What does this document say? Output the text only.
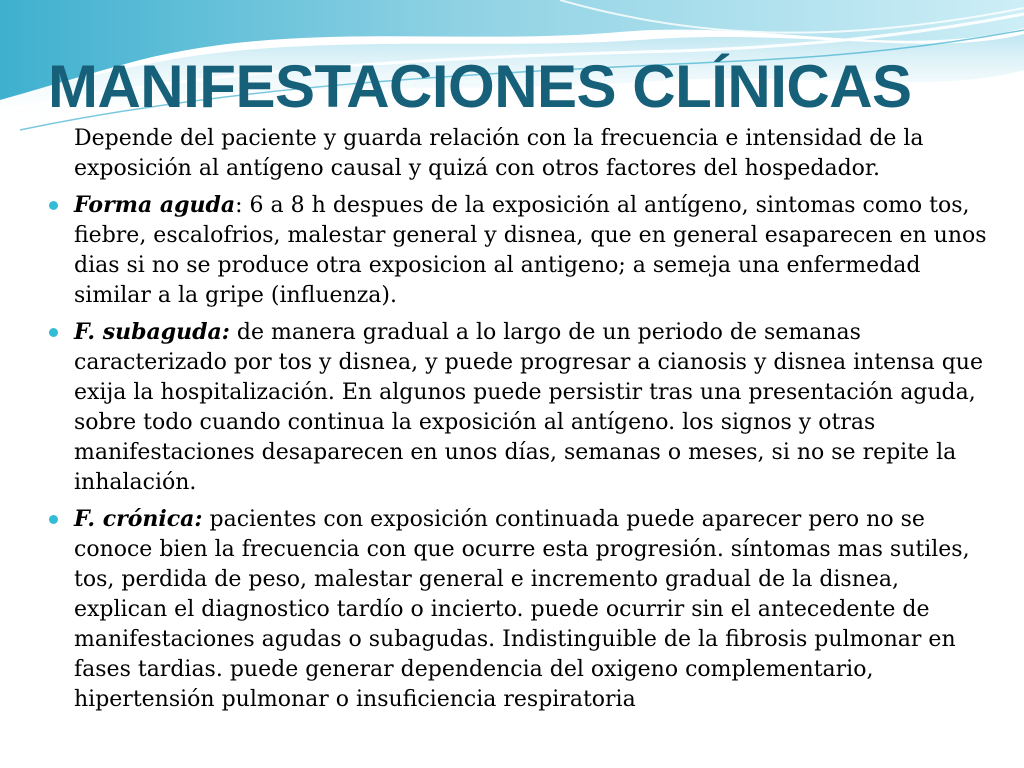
MANIFESTACIONES CLÍNICAS

Depende del paciente y guarda relación con la frecuencia e intensidad de la exposición al antígeno causal y quizá con otros factores del hospedador.

Forma aguda: 6 a 8 h despues de la exposición al antígeno, sintomas como tos, fiebre, escalofrios, malestar general y disnea, que en general esaparecen en unos dias si no se produce otra exposicion al antigeno; a semeja una enfermedad similar a la gripe (influenza).

F. subaguda: de manera gradual a lo largo de un periodo de semanas caracterizado por tos y disnea, y puede progresar a cianosis y disnea intensa que exija la hospitalización. En algunos puede persistir tras una presentación aguda, sobre todo cuando continua la exposición al antígeno. los signos y otras manifestaciones desaparecen en unos días, semanas o meses, si no se repite la inhalación.

F. crónica: pacientes con exposición continuada puede aparecer pero no se conoce bien la frecuencia con que ocurre esta progresión. síntomas mas sutiles, tos, perdida de peso, malestar general e incremento gradual de la disnea, explican el diagnostico tardío o incierto. puede ocurrir sin el antecedente de manifestaciones agudas o subagudas. Indistinguible de la fibrosis pulmonar en fases tardias. puede generar dependencia del oxigeno complementario, hipertensión pulmonar o insuficiencia respiratoria
